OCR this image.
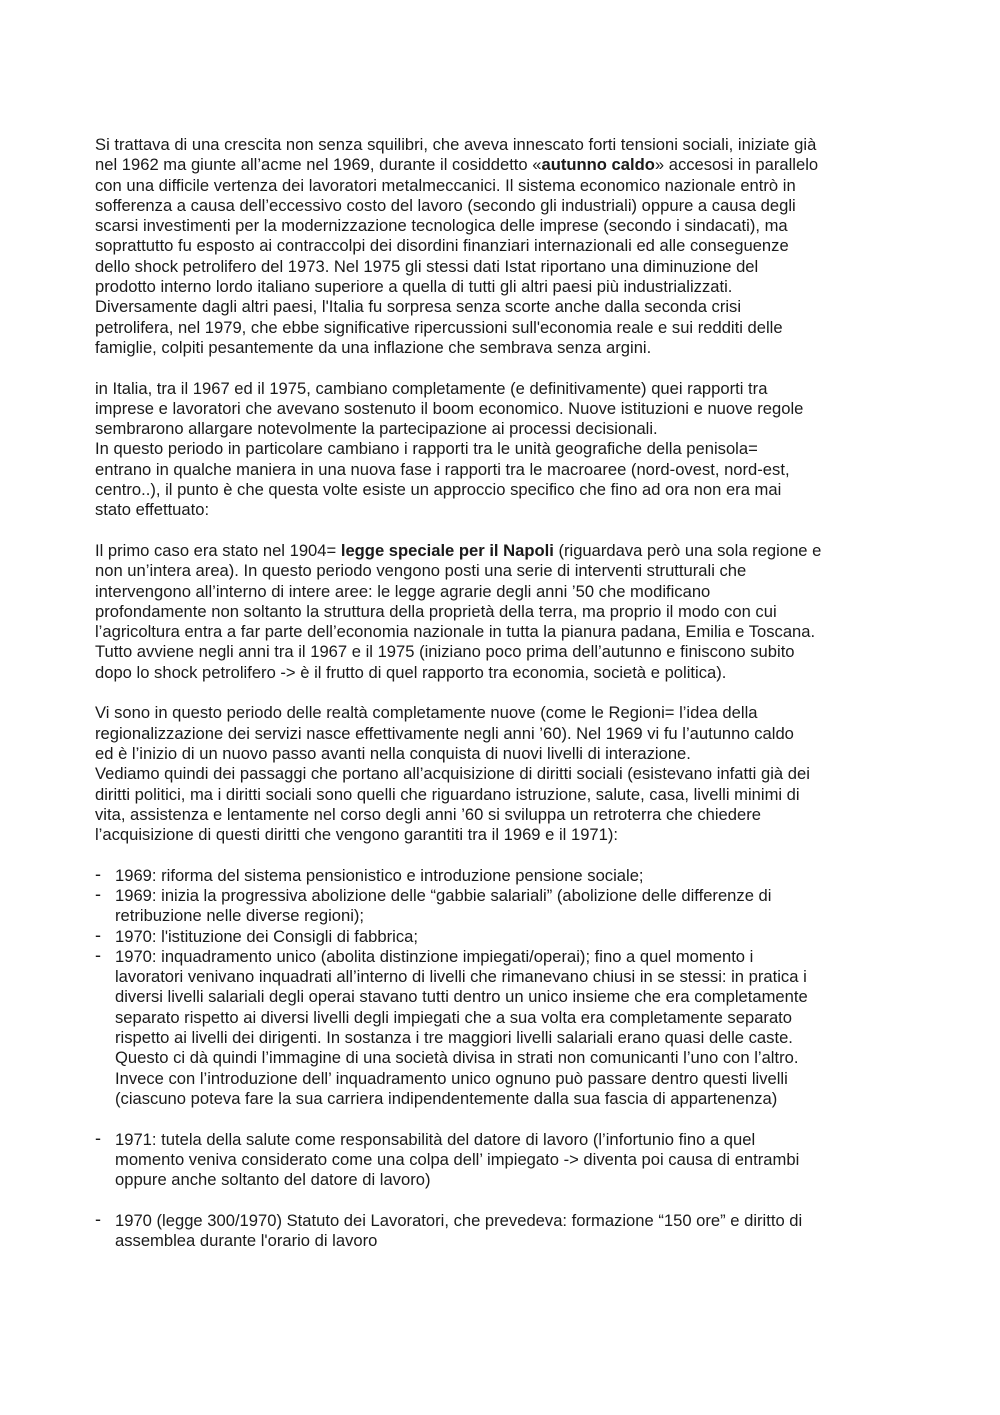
Si trattava di una crescita non senza squilibri, che aveva innescato forti tensioni sociali, iniziate già
nel 1962 ma giunte all’acme nel 1969, durante il cosiddetto «autunno caldo» accesosi in parallelo
con una difficile vertenza dei lavoratori metalmeccanici. Il sistema economico nazionale entrò in
sofferenza a causa dell’eccessivo costo del lavoro (secondo gli industriali) oppure a causa degli
scarsi investimenti per la modernizzazione tecnologica delle imprese (secondo i sindacati), ma
soprattutto fu esposto ai contraccolpi dei disordini finanziari internazionali ed alle conseguenze
dello shock petrolifero del 1973. Nel 1975 gli stessi dati Istat riportano una diminuzione del
prodotto interno lordo italiano superiore a quella di tutti gli altri paesi più industrializzati.
Diversamente dagli altri paesi, l'Italia fu sorpresa senza scorte anche dalla seconda crisi
petrolifera, nel 1979, che ebbe significative ripercussioni sull'economia reale e sui redditi delle
famiglie, colpiti pesantemente da una inflazione che sembrava senza argini.

in Italia, tra il 1967 ed il 1975, cambiano completamente (e definitivamente) quei rapporti tra
imprese e lavoratori che avevano sostenuto il boom economico. Nuove istituzioni e nuove regole
sembrarono allargare notevolmente la partecipazione ai processi decisionali.

In questo periodo in particolare cambiano i rapporti tra le unità geografiche della penisola=
entrano in qualche maniera in una nuova fase i rapporti tra le macroaree (nord-ovest, nord-est,
centro..), il punto è che questa volte esiste un approccio specifico che fino ad ora non era mai
stato effettuato:

Il primo caso era stato nel 1904= legge speciale per il Napoli (riguardava però una sola regione e
non un’intera area). In questo periodo vengono posti una serie di interventi strutturali che
intervengono all’interno di intere aree: le legge agrarie degli anni ’50 che modificano
profondamente non soltanto la struttura della proprietà della terra, ma proprio il modo con cui
l’agricoltura entra a far parte dell’economia nazionale in tutta la pianura padana, Emilia e Toscana.
Tutto avviene negli anni tra il 1967 e il 1975 (iniziano poco prima dell’autunno e finiscono subito
dopo lo shock petrolifero -> è il frutto di quel rapporto tra economia, società e politica).

Vi sono in questo periodo delle realtà completamente nuove (come le Regioni= l’idea della
regionalizzazione dei servizi nasce effettivamente negli anni ’60). Nel 1969 vi fu l’autunno caldo
ed è l’inizio di un nuovo passo avanti nella conquista di nuovi livelli di interazione.

Vediamo quindi dei passaggi che portano all’acquisizione di diritti sociali (esistevano infatti già dei
diritti politici, ma i diritti sociali sono quelli che riguardano istruzione, salute, casa, livelli minimi di
vita, assistenza e lentamente nel corso degli anni ’60 si sviluppa un retroterra che chiedere
l’acquisizione di questi diritti che vengono garantiti tra il 1969 e il 1971):

- 1969: riforma del sistema pensionistico e introduzione pensione sociale;
- 1969: inizia la progressiva abolizione delle “gabbie salariali” (abolizione delle differenze di
retribuzione nelle diverse regioni);
- 1970: l'istituzione dei Consigli di fabbrica;
- 1970: inquadramento unico (abolita distinzione impiegati/operai); fino a quel momento i
lavoratori venivano inquadrati all’interno di livelli che rimanevano chiusi in se stessi: in pratica i
diversi livelli salariali degli operai stavano tutti dentro un unico insieme che era completamente
separato rispetto ai diversi livelli degli impiegati che a sua volta era completamente separato
rispetto ai livelli dei dirigenti. In sostanza i tre maggiori livelli salariali erano quasi delle caste.
Questo ci dà quindi l’immagine di una società divisa in strati non comunicanti l’uno con l’altro.
Invece con l’introduzione dell’ inquadramento unico ognuno può passare dentro questi livelli
(ciascuno poteva fare la sua carriera indipendentemente dalla sua fascia di appartenenza)
- 1971: tutela della salute come responsabilità del datore di lavoro (l’infortunio fino a quel
momento veniva considerato come una colpa dell’ impiegato -> diventa poi causa di entrambi
oppure anche soltanto del datore di lavoro)
- 1970 (legge 300/1970) Statuto dei Lavoratori, che prevedeva: formazione “150 ore” e diritto di
assemblea durante l'orario di lavoro
